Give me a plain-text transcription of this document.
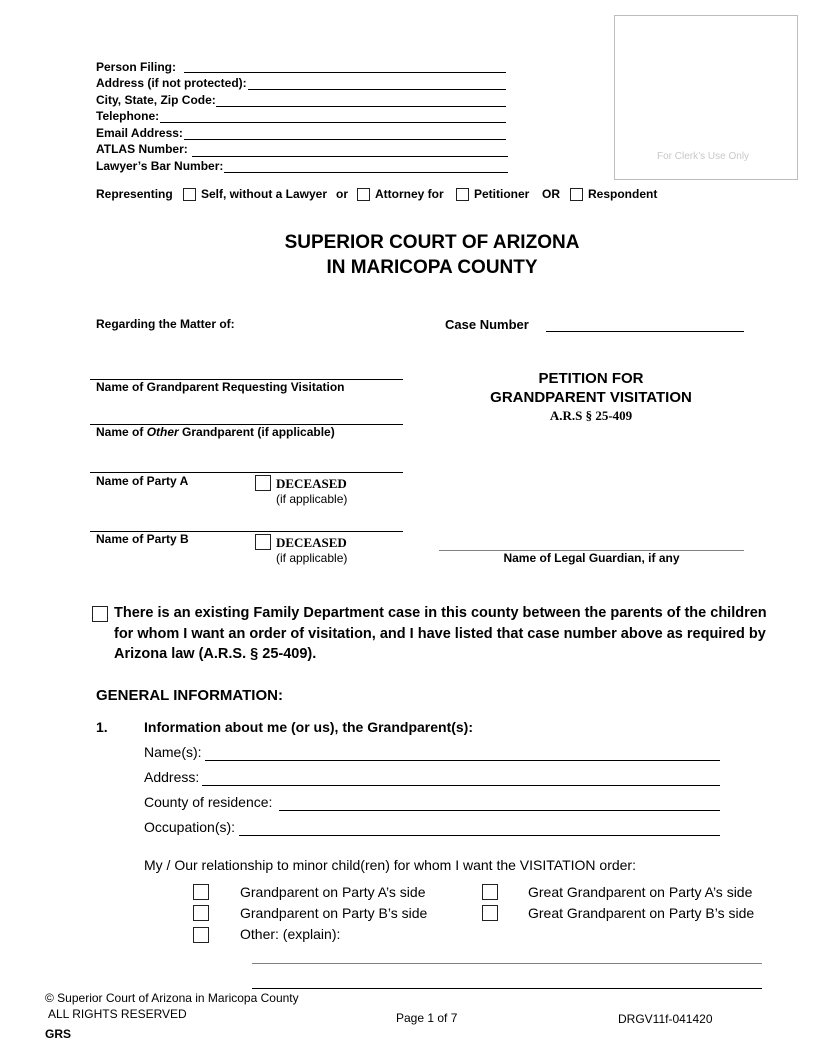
For Clerk’s Use Only
Person Filing:
Address (if not protected):
City, State, Zip Code:
Telephone:
Email Address:
ATLAS Number:
Lawyer’s Bar Number:
Representing Self, without a Lawyer or Attorney for	Petitioner OR Respondent
SUPERIOR COURT OF ARIZONA
IN MARICOPA COUNTY
Regarding the Matter of:
Name of Grandparent Requesting Visitation
Name of Other Grandparent (if applicable)
Name of Party A	DECEASED
(if applicable)
Name of Party B	DECEASED
(if applicable)
Case Number
PETITION FOR
GRANDPARENT VISITATION
A.R.S § 25-409
Name of Legal Guardian, if any
There is an existing Family Department case in this county between the parents of the children
for whom I want an order of visitation, and I have listed that case number above as required by
Arizona law (A.R.S. § 25-409).
GENERAL INFORMATION:
1.	Information about me (or us), the Grandparent(s):
Name(s):
Address:
County of residence:
Occupation(s):
My / Our relationship to minor child(ren) for whom I want the VISITATION order:
Grandparent on Party A’s side	Great Grandparent on Party A’s side
Grandparent on Party B’s side	Great Grandparent on Party B’s side
Other: (explain):
© Superior Court of Arizona in Maricopa County
ALL RIGHTS RESERVED
GRS
Page 1 of 7	DRGV11f-041420
